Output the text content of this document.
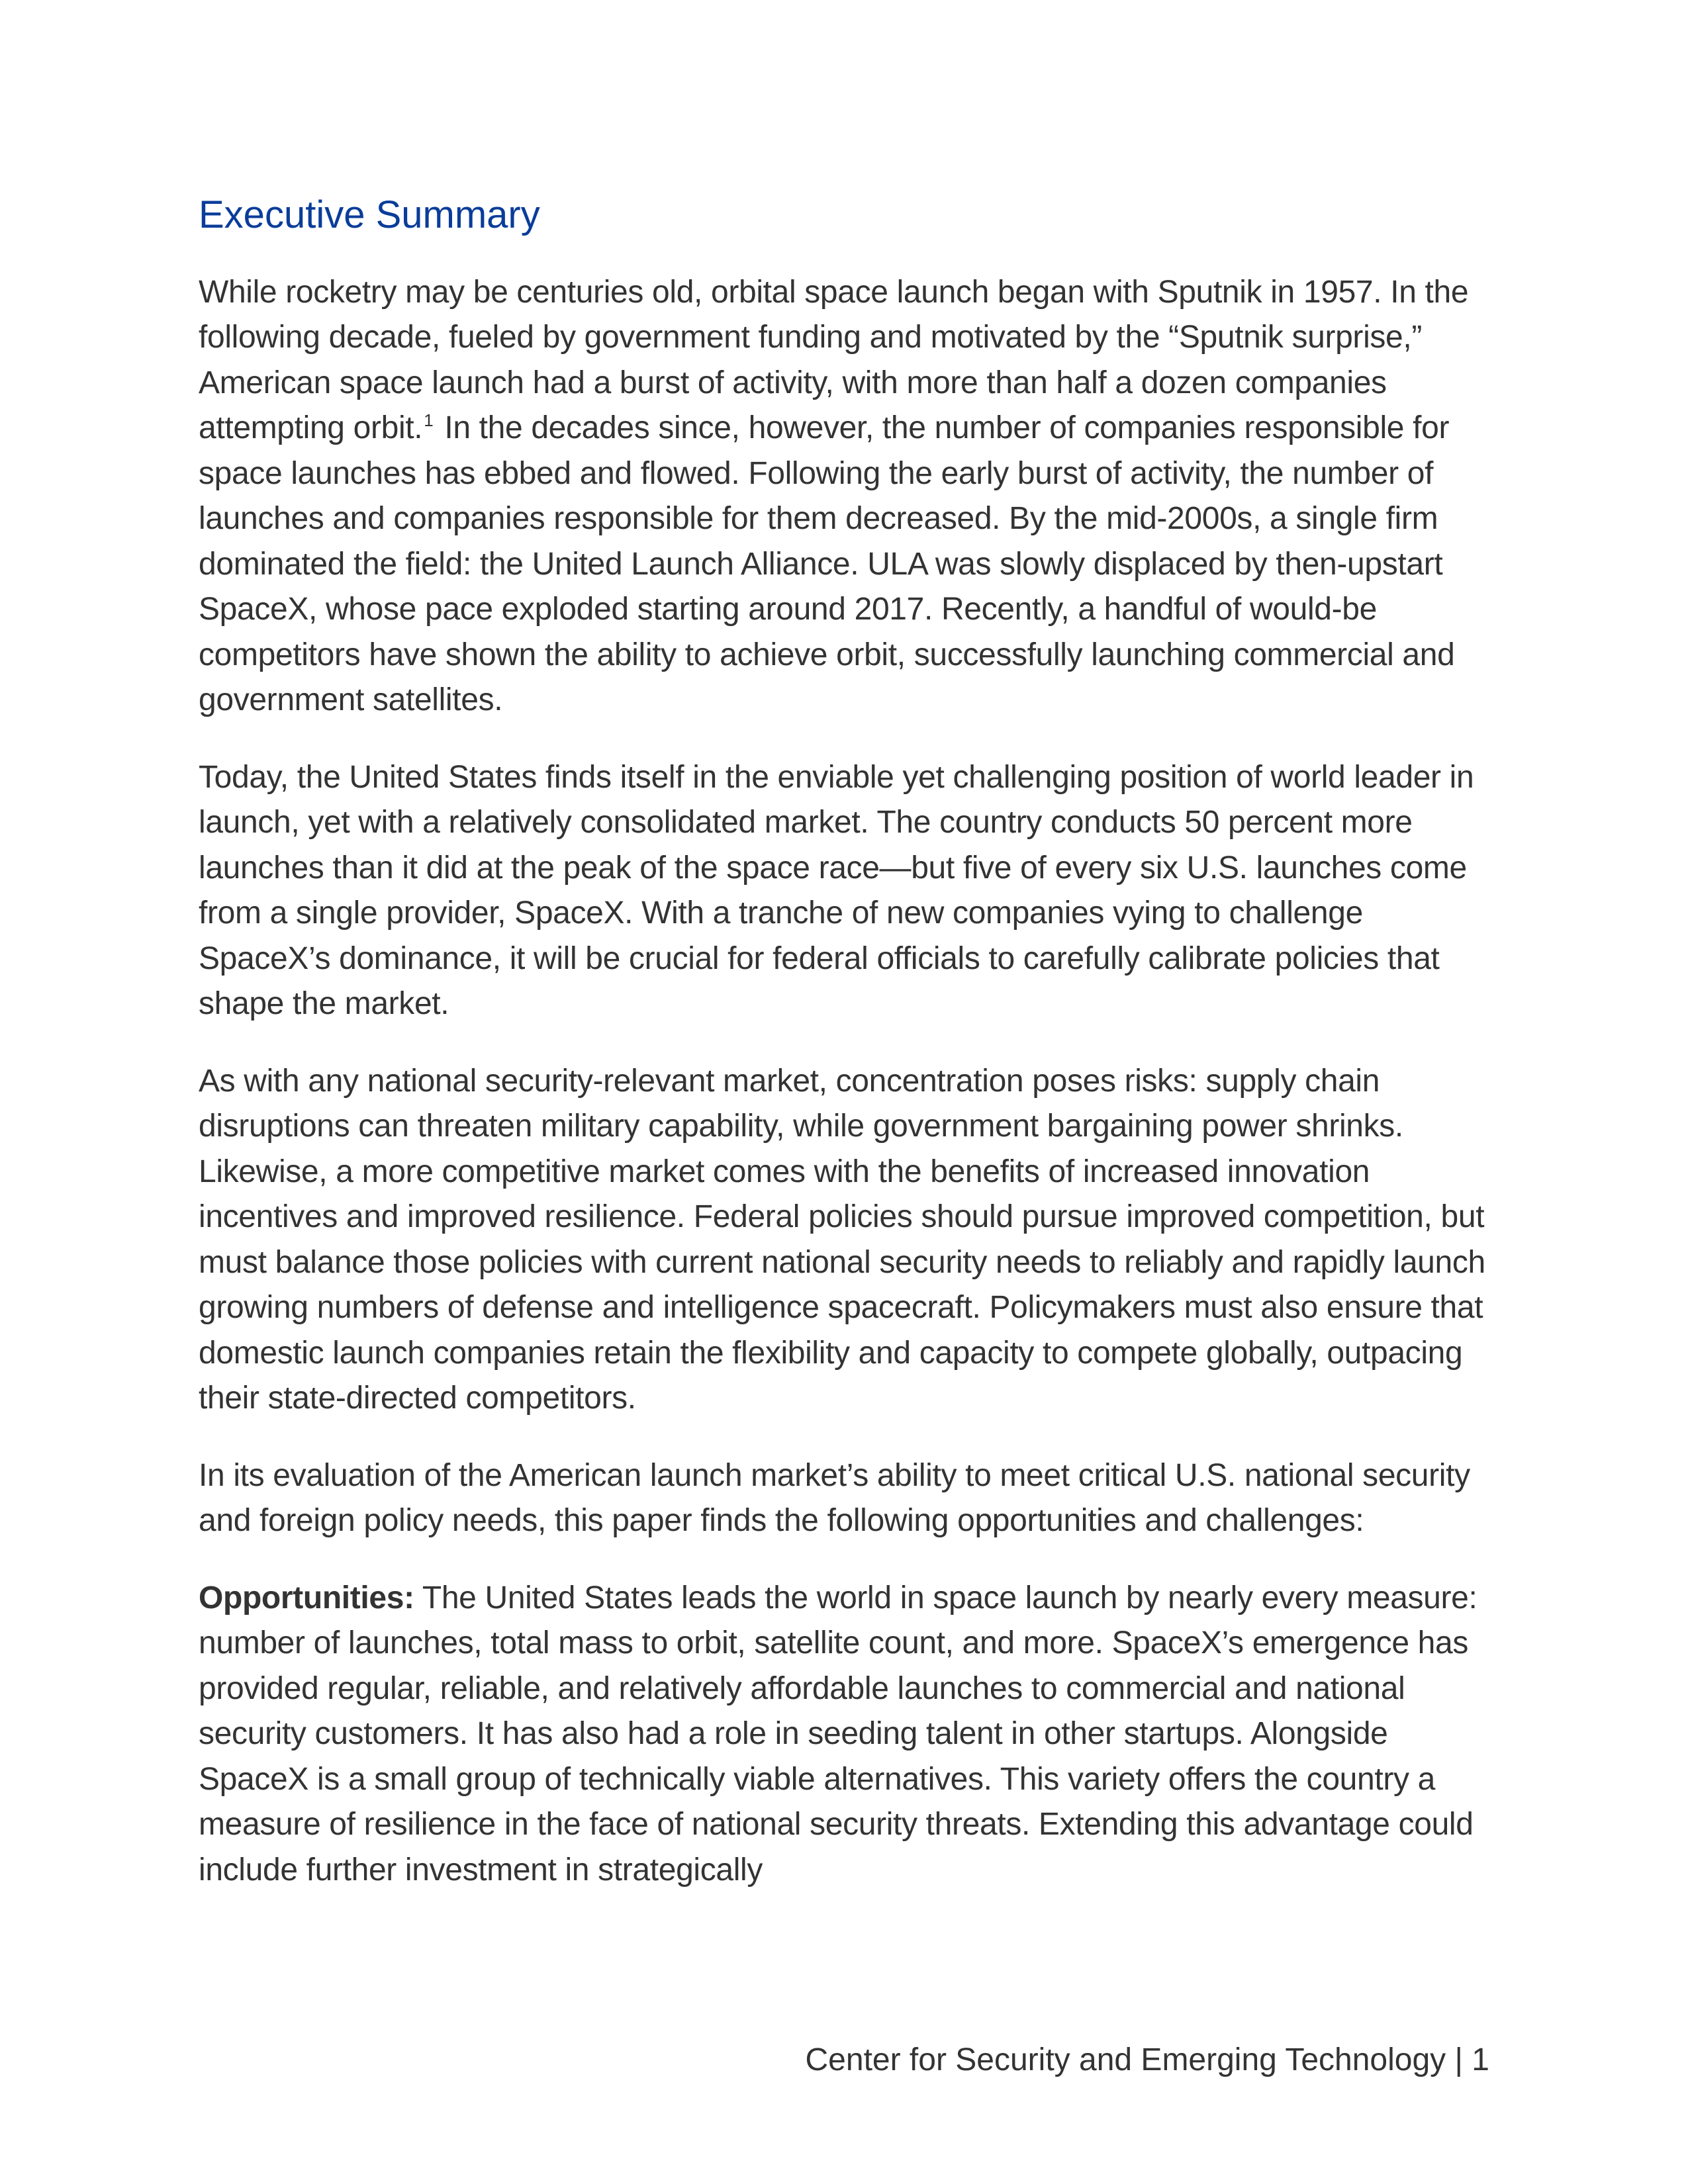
Executive Summary

While rocketry may be centuries old, orbital space launch began with Sputnik in 1957. In the following decade, fueled by government funding and motivated by the “Sputnik surprise,” American space launch had a burst of activity, with more than half a dozen companies attempting orbit.$^1$ In the decades since, however, the number of companies responsible for space launches has ebbed and flowed. Following the early burst of activity, the number of launches and companies responsible for them decreased. By the mid-2000s, a single firm dominated the field: the United Launch Alliance. ULA was slowly displaced by then-upstart SpaceX, whose pace exploded starting around 2017. Recently, a handful of would-be competitors have shown the ability to achieve orbit, successfully launching commercial and government satellites.

Today, the United States finds itself in the enviable yet challenging position of world leader in launch, yet with a relatively consolidated market. The country conducts 50 percent more launches than it did at the peak of the space race—but five of every six U.S. launches come from a single provider, SpaceX. With a tranche of new companies vying to challenge SpaceX’s dominance, it will be crucial for federal officials to carefully calibrate policies that shape the market.

As with any national security-relevant market, concentration poses risks: supply chain disruptions can threaten military capability, while government bargaining power shrinks. Likewise, a more competitive market comes with the benefits of increased innovation incentives and improved resilience. Federal policies should pursue improved competition, but must balance those policies with current national security needs to reliably and rapidly launch growing numbers of defense and intelligence spacecraft. Policymakers must also ensure that domestic launch companies retain the flexibility and capacity to compete globally, outpacing their state-directed competitors.

In its evaluation of the American launch market’s ability to meet critical U.S. national security and foreign policy needs, this paper finds the following opportunities and challenges:

Opportunities: The United States leads the world in space launch by nearly every measure: number of launches, total mass to orbit, satellite count, and more. SpaceX’s emergence has provided regular, reliable, and relatively affordable launches to commercial and national security customers. It has also had a role in seeding talent in other startups. Alongside SpaceX is a small group of technically viable alternatives. This variety offers the country a measure of resilience in the face of national security threats. Extending this advantage could include further investment in strategically

Center for Security and Emerging Technology | 1
